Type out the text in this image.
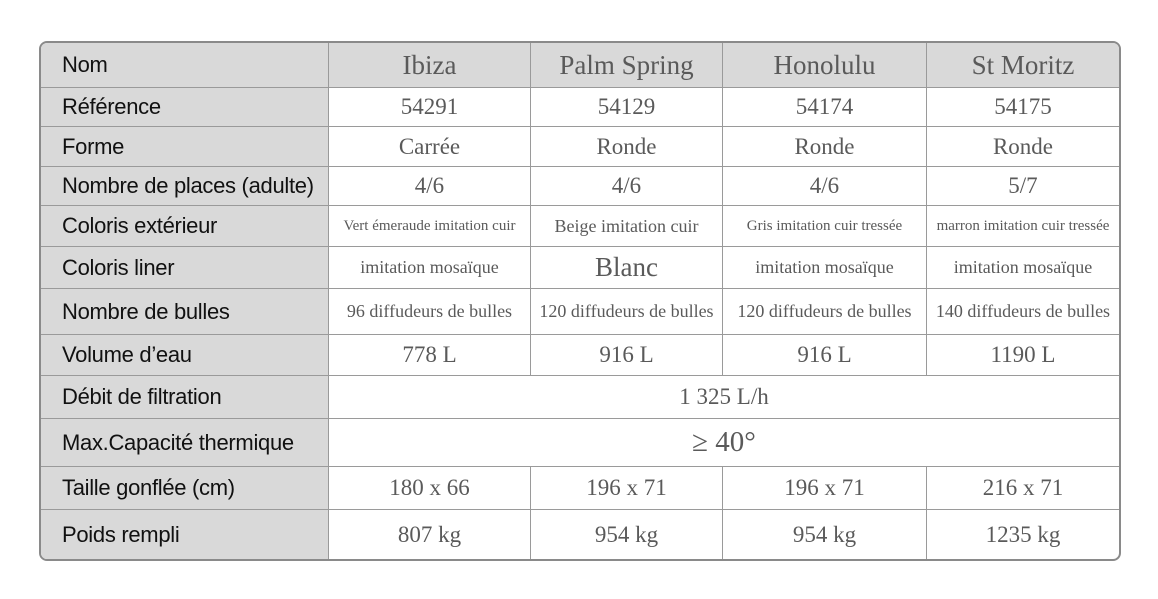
Nom	Ibiza	Palm Spring	Honolulu	St Moritz
Référence	54291	54129	54174	54175
Forme	Carrée	Ronde	Ronde	Ronde
Nombre de places (adulte)	4/6	4/6	4/6	5/7
Coloris extérieur	Vert émeraude imitation cuir	Beige imitation cuir	Gris imitation cuir tressée	marron imitation cuir tressée
Coloris liner	imitation mosaïque	Blanc	imitation mosaïque	imitation mosaïque
Nombre de bulles	96 diffudeurs de bulles	120 diffudeurs de bulles	120 diffudeurs de bulles	140 diffudeurs de bulles
Volume d’eau	778 L	916 L	916 L	1190 L
Débit de filtration	1 325 L/h			
Max.Capacité thermique	≥ 40°			
Taille gonflée (cm)	180 x 66	196 x 71	196 x 71	216 x 71
Poids rempli	807 kg	954 kg	954 kg	1235 kg
